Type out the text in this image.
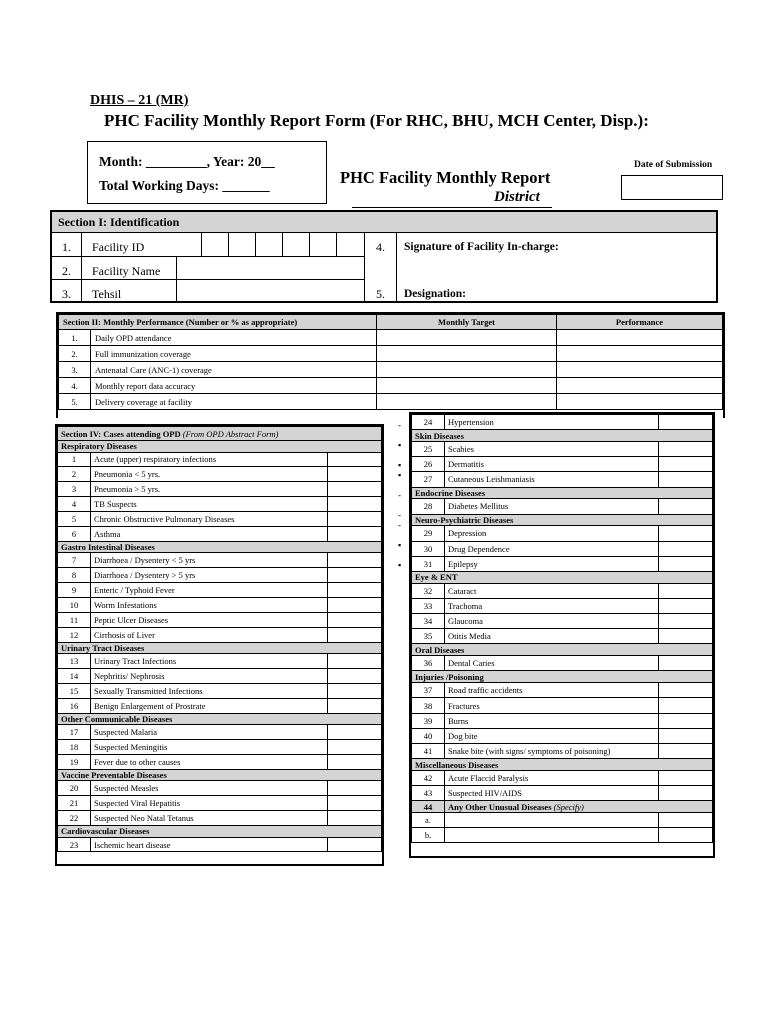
DHIS – 21 (MR)
PHC Facility Monthly Report Form (For RHC, BHU, MCH Center, Disp.):
Month: _________, Year: 20__
Total Working Days: _______	PHC Facility Monthly Report
District
Date of Submission
Section I: Identification
1. Facility ID
2. Facility Name
3. Tehsil
4. Signature of Facility In-charge:
5. Designation:
Section II: Monthly Performance (Number or % as appropriate)		Monthly Target	Performance
1.	Daily OPD attendance		
2.	Full immunization coverage		
3.	Antenatal Care (ANC-1) coverage		
4.	Monthly report data accuracy		
5.	Delivery coverage at facility		
-

▪

▪
▪

-

-
-

▪

▪
Section IV: Cases attending OPD (From OPD Abstract Form)		
Respiratory Diseases		
1	Acute (upper) respiratory infections	
2	Pneumonia < 5 yrs.	
3	Pneumonia > 5 yrs.	
4	TB Suspects	
5	Chronic Obstructive Pulmonary Diseases	
6	Asthma	
Gastro Intestinal Diseases		
7	Diarrhoea / Dysentery < 5 yrs	
8	Diarrhoea / Dysentery > 5 yrs	
9	Enteric / Typhoid Fever	
10	Worm Infestations	
11	Peptic Ulcer Diseases	
12	Cirrhosis of Liver	
Urinary Tract Diseases		
13	Urinary Tract Infections	
14	Nephritis/ Nephrosis	
15	Sexually Transmitted Infections	
16	Benign Enlargement of Prostrate	
Other Communicable Diseases		
17	Suspected Malaria	
18	Suspected Meningitis	
19	Fever due to other causes	
Vaccine Preventable Diseases		
20	Suspected Measles	
21	Suspected Viral Hepatitis	
22	Suspected Neo Natal Tetanus	
Cardiovascular Diseases		
23	Ischemic heart disease	
24	Hypertension	
Skin Diseases		
25	Scabies	
26	Dermatitis	
27	Cutaneous Leishmaniasis	
Endocrine Diseases		
28	Diabetes Mellitus	
Neuro-Psychiatric Diseases		
29	Depression	
30	Drug Dependence	
31	Epilepsy	
Eye & ENT		
32	Cataract	
33	Trachoma	
34	Glaucoma	
35	Otitis Media	
Oral Diseases		
36	Dental Caries	
Injuries /Poisoning		
37	Road traffic accidents	
38	Fractures	
39	Burns	
40	Dog bite	
41	Snake bite (with signs/ symptoms of poisoning)	
Miscellaneous Diseases		
42	Acute Flaccid Paralysis	
43	Suspected HIV/AIDS	
44	Any Other Unusual Diseases (Specify)	
a.		
b.		
